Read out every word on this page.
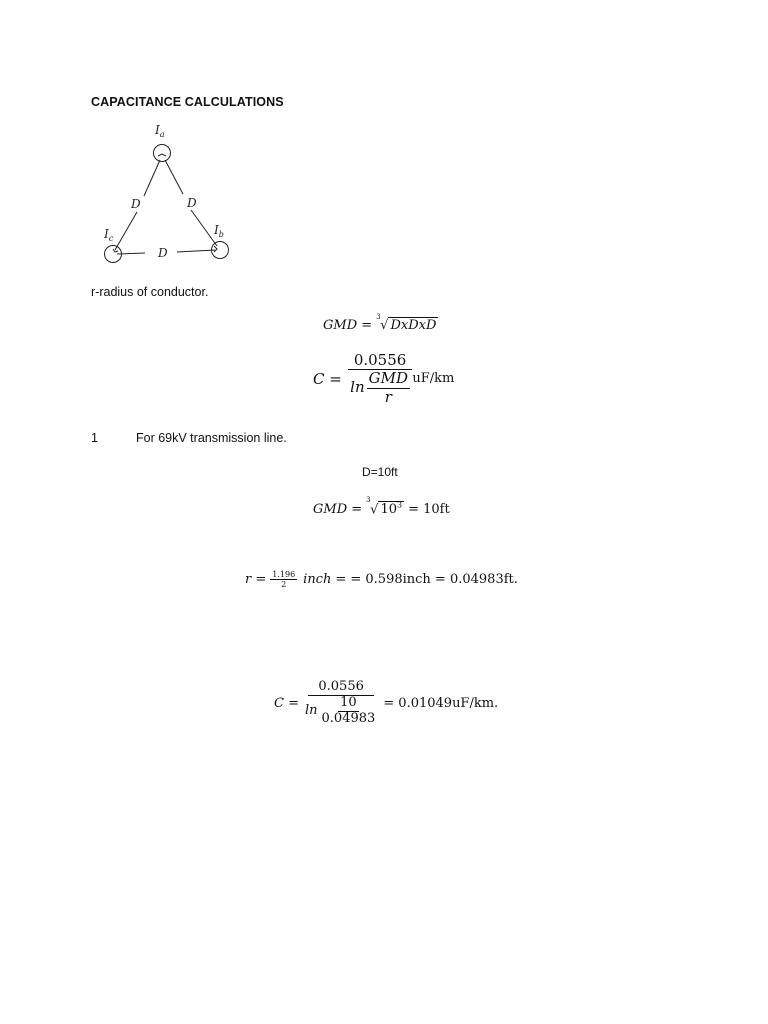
CAPACITANCE CALCULATIONS
$I_a$
$I_c$
$I_b$
D	D
D
r-radius of conductor.
GMD =
3
√ DxDxD
$C = \frac{0.0556}{\ln \frac{\text{GMD}}{r}} uF/km$
1	For 69kV transmission line.
D=10ft
GMD =
3
√ $10^3 = 10ft$
$r = \frac{1.196}{2}$ inch = = 0.598inch = 0.04983ft.
$C = \frac{0.0556}{\ln \frac{10}{0.04983}} = 0.01049uF/km$.
